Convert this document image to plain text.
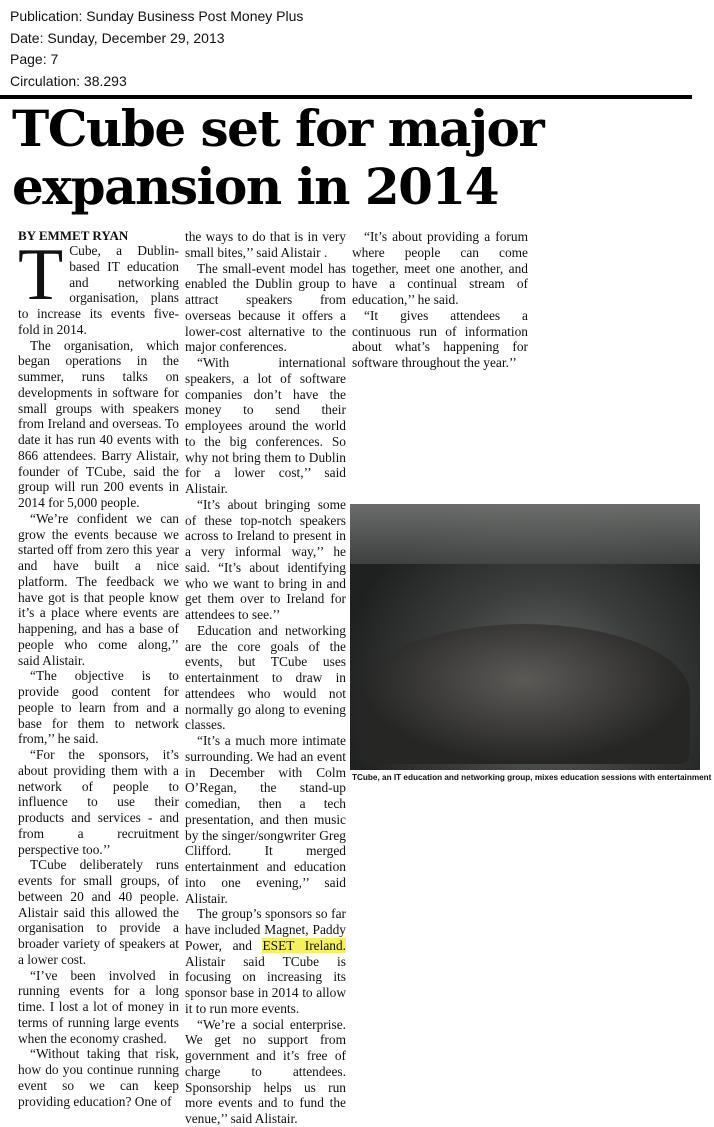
Publication: Sunday Business Post Money Plus
Date: Sunday, December 29, 2013
Page: 7
Circulation: 38.293
TCube set for major
expansion in 2014

BY EMMET RYAN

T Cube, a Dublin-based IT education and networking organisation, plans to increase its events five-fold in 2014.

The organisation, which began operations in the summer, runs talks on developments in software for small groups with speakers from Ireland and overseas. To date it has run 40 events with 866 attendees. Barry Alistair, founder of TCube, said the group will run 200 events in 2014 for 5,000 people.

“We’re confident we can grow the events because we started off from zero this year and have built a nice platform. The feedback we have got is that people know it’s a place where events are happening, and has a base of people who come along,’’ said Alistair.

“The objective is to provide good content for people to learn from and a base for them to network from,’’ he said.

“For the sponsors, it’s about providing them with a network of people to influence to use their products and services - and from a recruitment perspective too.’’

TCube deliberately runs events for small groups, of between 20 and 40 people. Alistair said this allowed the organisation to provide a broader variety of speakers at a lower cost.

“I’ve been involved in running events for a long time. I lost a lot of money in terms of running large events when the economy crashed.

“Without taking that risk, how do you continue running event so we can keep providing education? One of

the ways to do that is in very small bites,’’ said Alistair .

The small-event model has enabled the Dublin group to attract speakers from overseas because it offers a lower-cost alternative to the major conferences.

“With international speakers, a lot of software companies don’t have the money to send their employees around the world to the big conferences. So why not bring them to Dublin for a lower cost,’’ said Alistair.

“It’s about bringing some of these top-notch speakers across to Ireland to present in a very informal way,’’ he said. “It’s about identifying who we want to bring in and get them over to Ireland for attendees to see.’’

Education and networking are the core goals of the events, but TCube uses entertainment to draw in attendees who would not normally go along to evening classes.

“It’s a much more intimate surrounding. We had an event in December with Colm O’Regan, the stand-up comedian, then a tech presentation, and then music by the singer/songwriter Greg Clifford. It merged entertainment and education into one evening,’’ said Alistair.

The group’s sponsors so far have included Magnet, Paddy Power, and ESET Ireland. Alistair said TCube is focusing on increasing its sponsor base in 2014 to allow it to run more events.

“We’re a social enterprise. We get no support from government and it’s free of charge to attendees. Sponsorship helps us run more events and to fund the venue,’’ said Alistair.

“It’s about providing a forum where people can come together, meet one another, and have a continual stream of education,’’ he said.

“It gives attendees a continuous run of information about what’s happening for software throughout the year.’’

TCube, an IT education and networking group, mixes education sessions with entertainment
